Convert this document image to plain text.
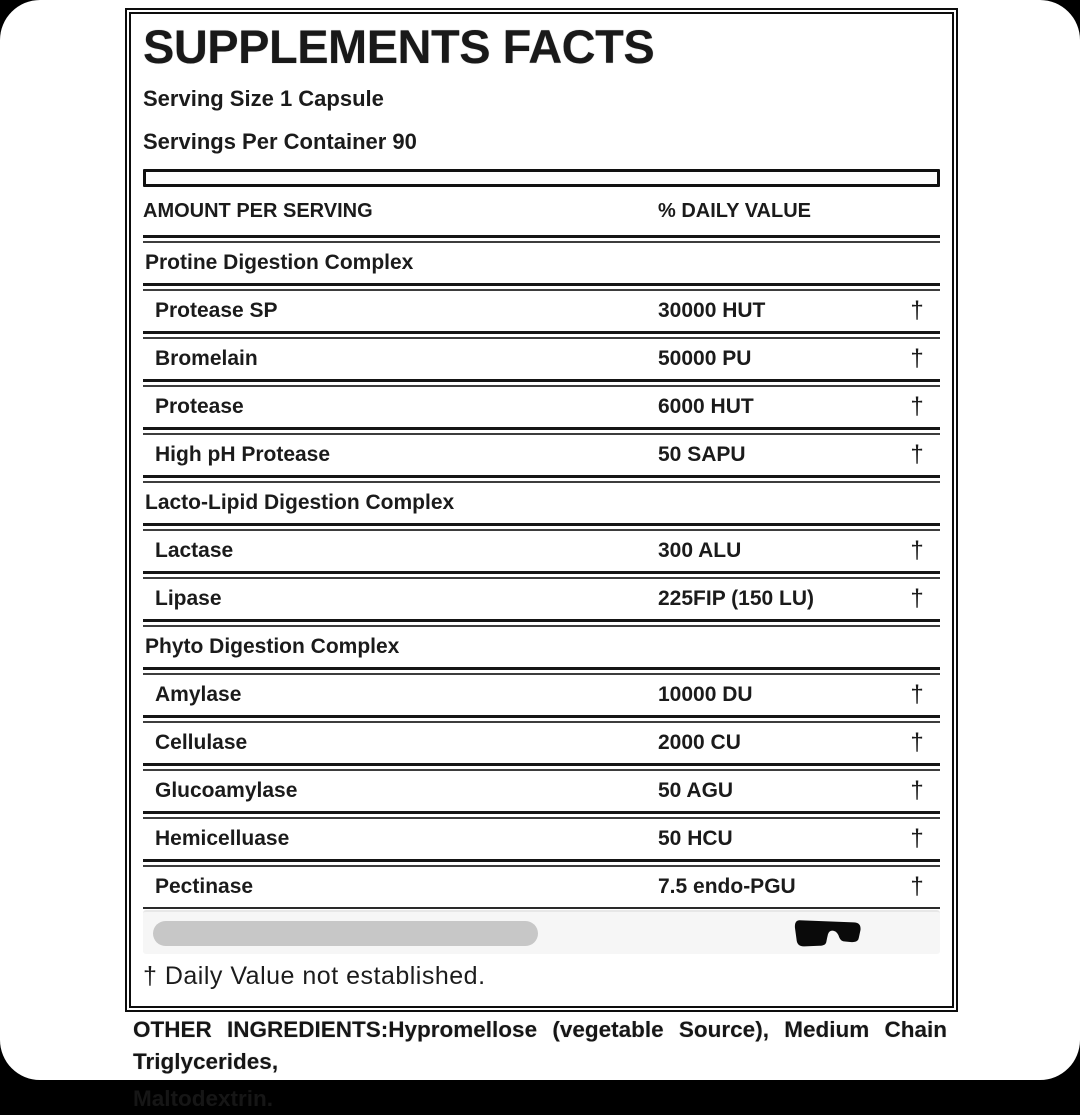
SUPPLEMENTS FACTS
Serving Size 1 Capsule
Servings Per Container 90
AMOUNT PER SERVING	% DAILY VALUE
Protine Digestion Complex
Protease SP	30000 HUT	†
Bromelain	50000 PU	†
Protease	6000 HUT	†
High pH Protease	50 SAPU	†
Lacto-Lipid Digestion Complex
Lactase	300 ALU	†
Lipase	225FIP (150 LU)	†
Phyto Digestion Complex
Amylase	10000 DU	†
Cellulase	2000 CU	†
Glucoamylase	50 AGU	†
Hemicelluase	50 HCU	†
Pectinase	7.5 endo-PGU	†
† Daily Value not established.
OTHER INGREDIENTS:Hypromellose (vegetable Source), Medium Chain Triglycerides,
Maltodextrin.
